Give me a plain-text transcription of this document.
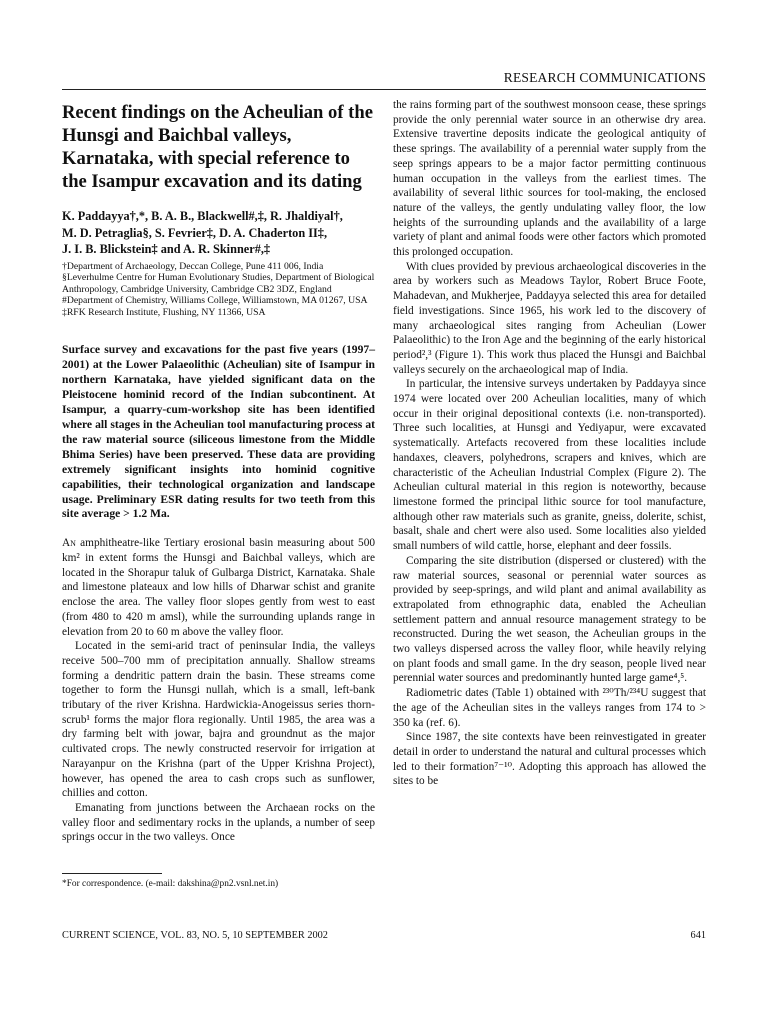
RESEARCH COMMUNICATIONS
Recent findings on the Acheulian of the Hunsgi and Baichbal valleys, Karnataka, with special reference to the Isampur excavation and its dating
K. Paddayya†,*, B. A. B., Blackwell#,‡, R. Jhaldiyal†,
M. D. Petraglia§, S. Fevrier‡, D. A. Chaderton II‡,
J. I. B. Blickstein‡ and A. R. Skinner#,‡
†Department of Archaeology, Deccan College, Pune 411 006, India
§Leverhulme Centre for Human Evolutionary Studies, Department of Biological Anthropology, Cambridge University, Cambridge CB2 3DZ, England
#Department of Chemistry, Williams College, Williamstown, MA 01267, USA
‡RFK Research Institute, Flushing, NY 11366, USA
Surface survey and excavations for the past five years (1997–2001) at the Lower Palaeolithic (Acheulian) site of Isampur in northern Karnataka, have yielded significant data on the Pleistocene hominid record of the Indian subcontinent. At Isampur, a quarry-cum-workshop site has been identified where all stages in the Acheulian tool manufacturing process at the raw material source (siliceous limestone from the Middle Bhima Series) have been preserved. These data are providing extremely significant insights into hominid cognitive capabilities, their technological organization and landscape usage. Preliminary ESR dating results for two teeth from this site average > 1.2 Ma.

An amphitheatre-like Tertiary erosional basin measuring about 500 km² in extent forms the Hunsgi and Baichbal valleys, which are located in the Shorapur taluk of Gulbarga District, Karnataka. Shale and limestone plateaux and low hills of Dharwar schist and granite enclose the area. The valley floor slopes gently from west to east (from 480 to 420 m amsl), while the surrounding uplands range in elevation from 20 to 60 m above the valley floor.

Located in the semi-arid tract of peninsular India, the valleys receive 500–700 mm of precipitation annually. Shallow streams forming a dendritic pattern drain the basin. These streams come together to form the Hunsgi nullah, which is a small, left-bank tributary of the river Krishna. Hardwickia-Anogeissus series thorn-scrub¹ forms the major flora regionally. Until 1985, the area was a dry farming belt with jowar, bajra and groundnut as the major cultivated crops. The newly constructed reservoir for irrigation at Narayanpur on the Krishna (part of the Upper Krishna Project), however, has opened the area to cash crops such as sunflower, chillies and cotton.

Emanating from junctions between the Archaean rocks on the valley floor and sedimentary rocks in the uplands, a number of seep springs occur in the two valleys. Once

the rains forming part of the southwest monsoon cease, these springs provide the only perennial water source in an otherwise dry area. Extensive travertine deposits indicate the geological antiquity of these springs. The availability of a perennial water supply from the seep springs appears to be a major factor permitting continuous human occupation in the valleys from the earliest times. The availability of several lithic sources for tool-making, the enclosed nature of the valleys, the gently undulating valley floor, the low heights of the surrounding uplands and the availability of a large variety of plant and animal foods were other factors which promoted this prolonged occupation.

With clues provided by previous archaeological discoveries in the area by workers such as Meadows Taylor, Robert Bruce Foote, Mahadevan, and Mukherjee, Paddayya selected this area for detailed field investigations. Since 1965, his work led to the discovery of many archaeological sites ranging from Acheulian (Lower Palaeolithic) to the Iron Age and the beginning of the early historical period²,³ (Figure 1). This work thus placed the Hunsgi and Baichbal valleys securely on the archaeological map of India.

In particular, the intensive surveys undertaken by Paddayya since 1974 were located over 200 Acheulian localities, many of which occur in their original depositional contexts (i.e. non-transported). Three such localities, at Hunsgi and Yediyapur, were excavated systematically. Artefacts recovered from these localities include handaxes, cleavers, polyhedrons, scrapers and knives, which are characteristic of the Acheulian Industrial Complex (Figure 2). The Acheulian cultural material in this region is noteworthy, because limestone formed the principal lithic source for tool manufacture, although other raw materials such as granite, gneiss, dolerite, schist, basalt, shale and chert were also used. Some localities also yielded small numbers of wild cattle, horse, elephant and deer fossils.

Comparing the site distribution (dispersed or clustered) with the raw material sources, seasonal or perennial water sources as provided by seep-springs, and wild plant and animal availability as extrapolated from ethnographic data, enabled the Acheulian settlement pattern and annual resource management strategy to be reconstructed. During the wet season, the Acheulian groups in the two valleys dispersed across the valley floor, while heavily relying on plant foods and small game. In the dry season, people lived near perennial water sources and predominantly hunted large game⁴,⁵.

Radiometric dates (Table 1) obtained with ²³⁰Th/²³⁴U suggest that the age of the Acheulian sites in the valleys ranges from 174 to > 350 ka (ref. 6).

Since 1987, the site contexts have been reinvestigated in greater detail in order to understand the natural and cultural processes which led to their formation⁷⁻¹⁰. Adopting this approach has allowed the sites to be

*For correspondence. (e-mail: dakshina@pn2.vsnl.net.in)
CURRENT SCIENCE, VOL. 83, NO. 5, 10 SEPTEMBER 2002	641
